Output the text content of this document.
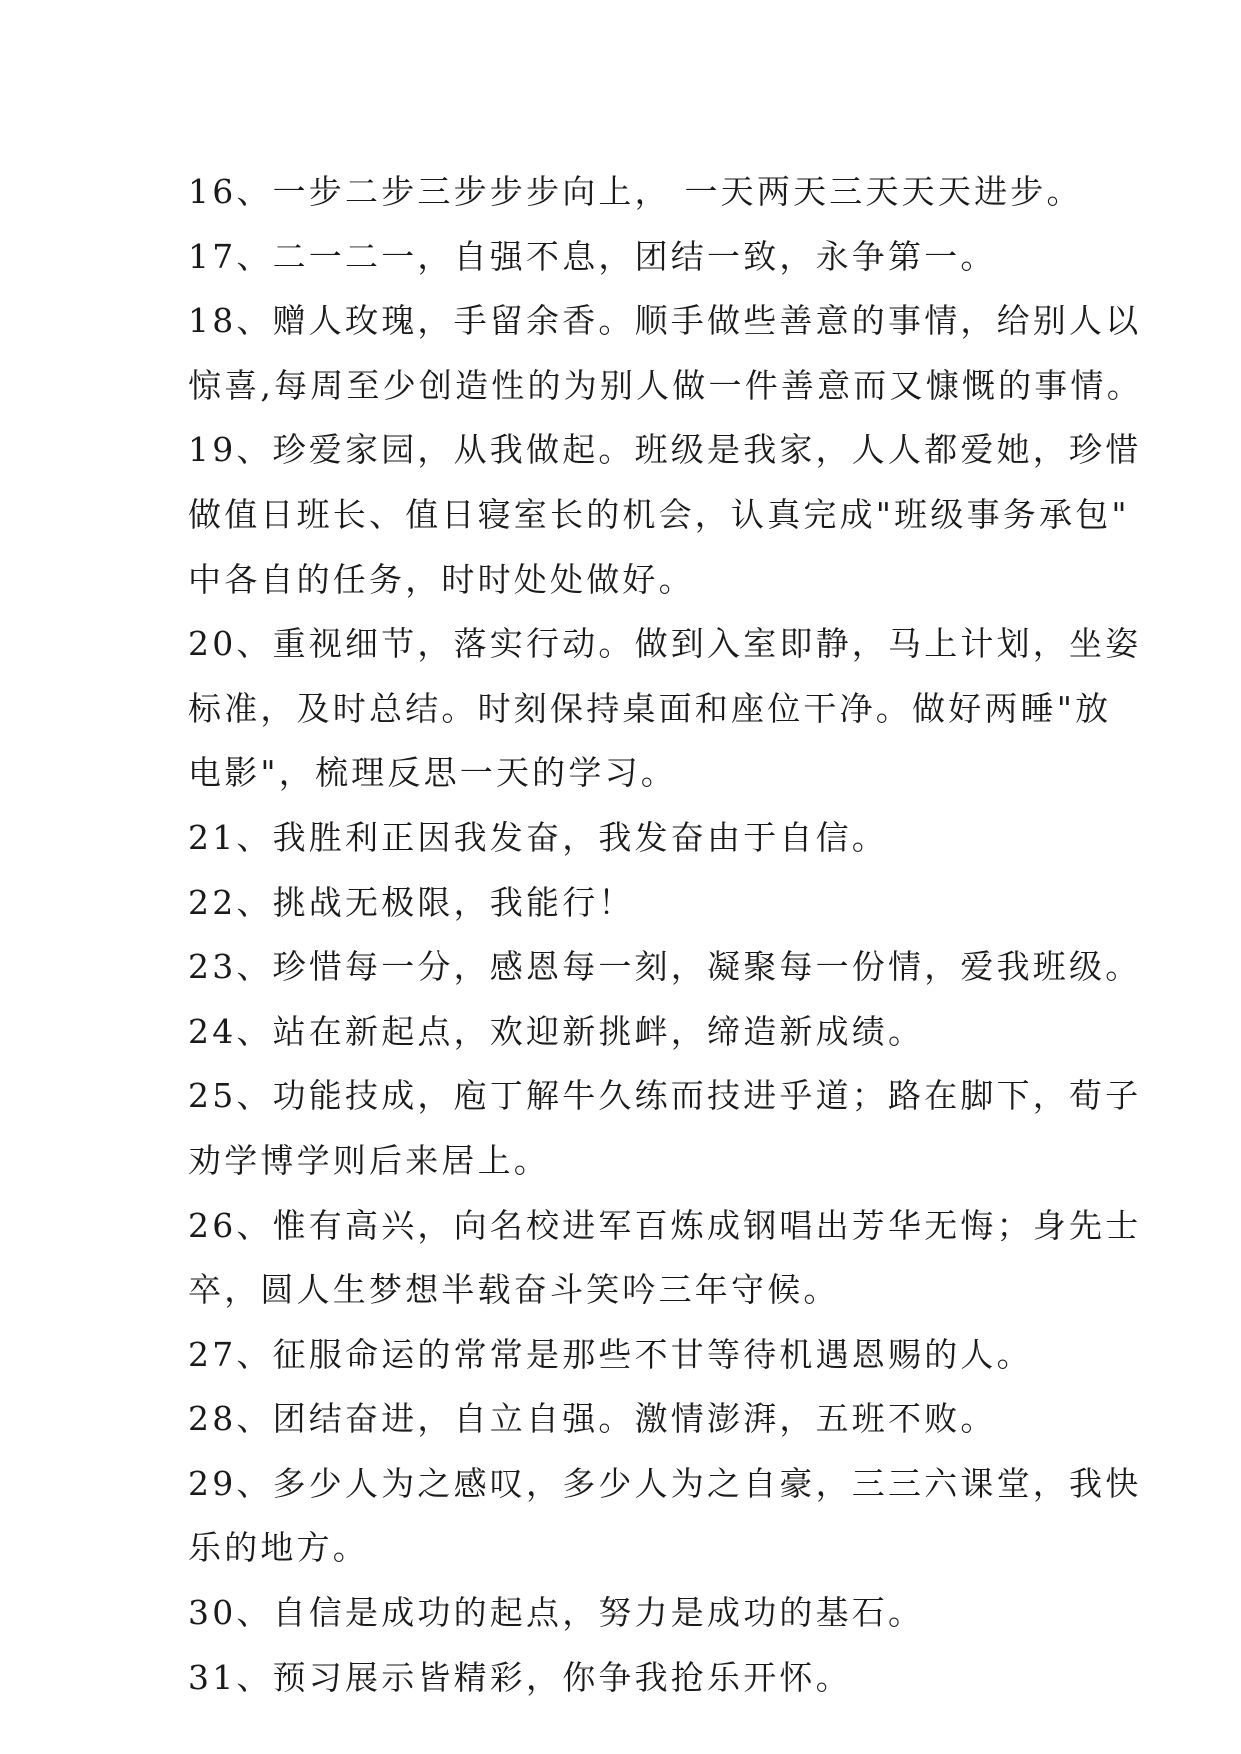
16、一步二步三步步步向上， 一天两天三天天天进步。
17、二一二一，自强不息，团结一致，永争第一。
18、赠人玫瑰，手留余香。顺手做些善意的事情，给别人以
惊喜,每周至少创造性的为别人做一件善意而又慷慨的事情。
19、珍爱家园，从我做起。班级是我家，人人都爱她，珍惜
做值日班长、值日寝室长的机会，认真完成"班级事务承包"
中各自的任务，时时处处做好。
20、重视细节，落实行动。做到入室即静，马上计划，坐姿
标准，及时总结。时刻保持桌面和座位干净。做好两睡"放
电影"，梳理反思一天的学习。
21、我胜利正因我发奋，我发奋由于自信。
22、挑战无极限，我能行！
23、珍惜每一分，感恩每一刻，凝聚每一份情，爱我班级。
24、站在新起点，欢迎新挑衅，缔造新成绩。
25、功能技成，庖丁解牛久练而技进乎道；路在脚下，荀子
劝学博学则后来居上。
26、惟有高兴，向名校进军百炼成钢唱出芳华无悔；身先士
卒，圆人生梦想半载奋斗笑吟三年守候。
27、征服命运的常常是那些不甘等待机遇恩赐的人。
28、团结奋进，自立自强。激情澎湃，五班不败。
29、多少人为之感叹，多少人为之自豪，三三六课堂，我快
乐的地方。
30、自信是成功的起点，努力是成功的基石。
31、预习展示皆精彩，你争我抢乐开怀。
